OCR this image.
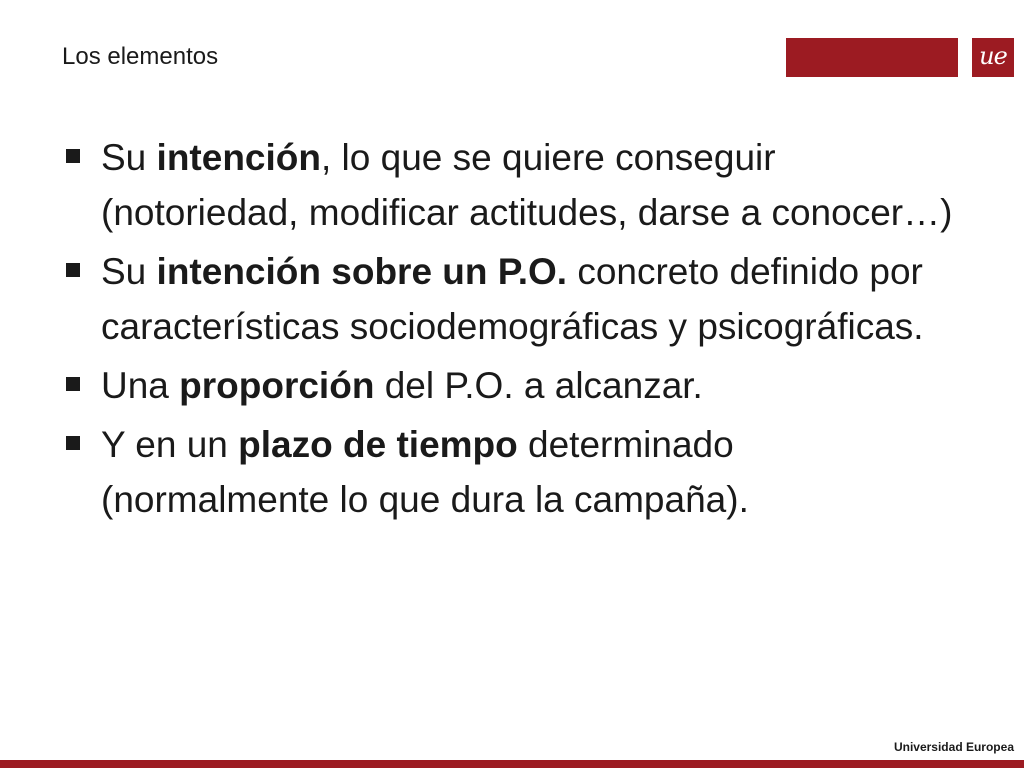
Los elementos	ue
Su intención, lo que se quiere conseguir (notoriedad, modificar actitudes, darse a conocer…)
Su intención sobre un P.O. concreto definido por características sociodemográficas y psicográficas.
Una proporción del P.O. a alcanzar.
Y en un plazo de tiempo determinado (normalmente lo que dura la campaña).
Universidad Europea
